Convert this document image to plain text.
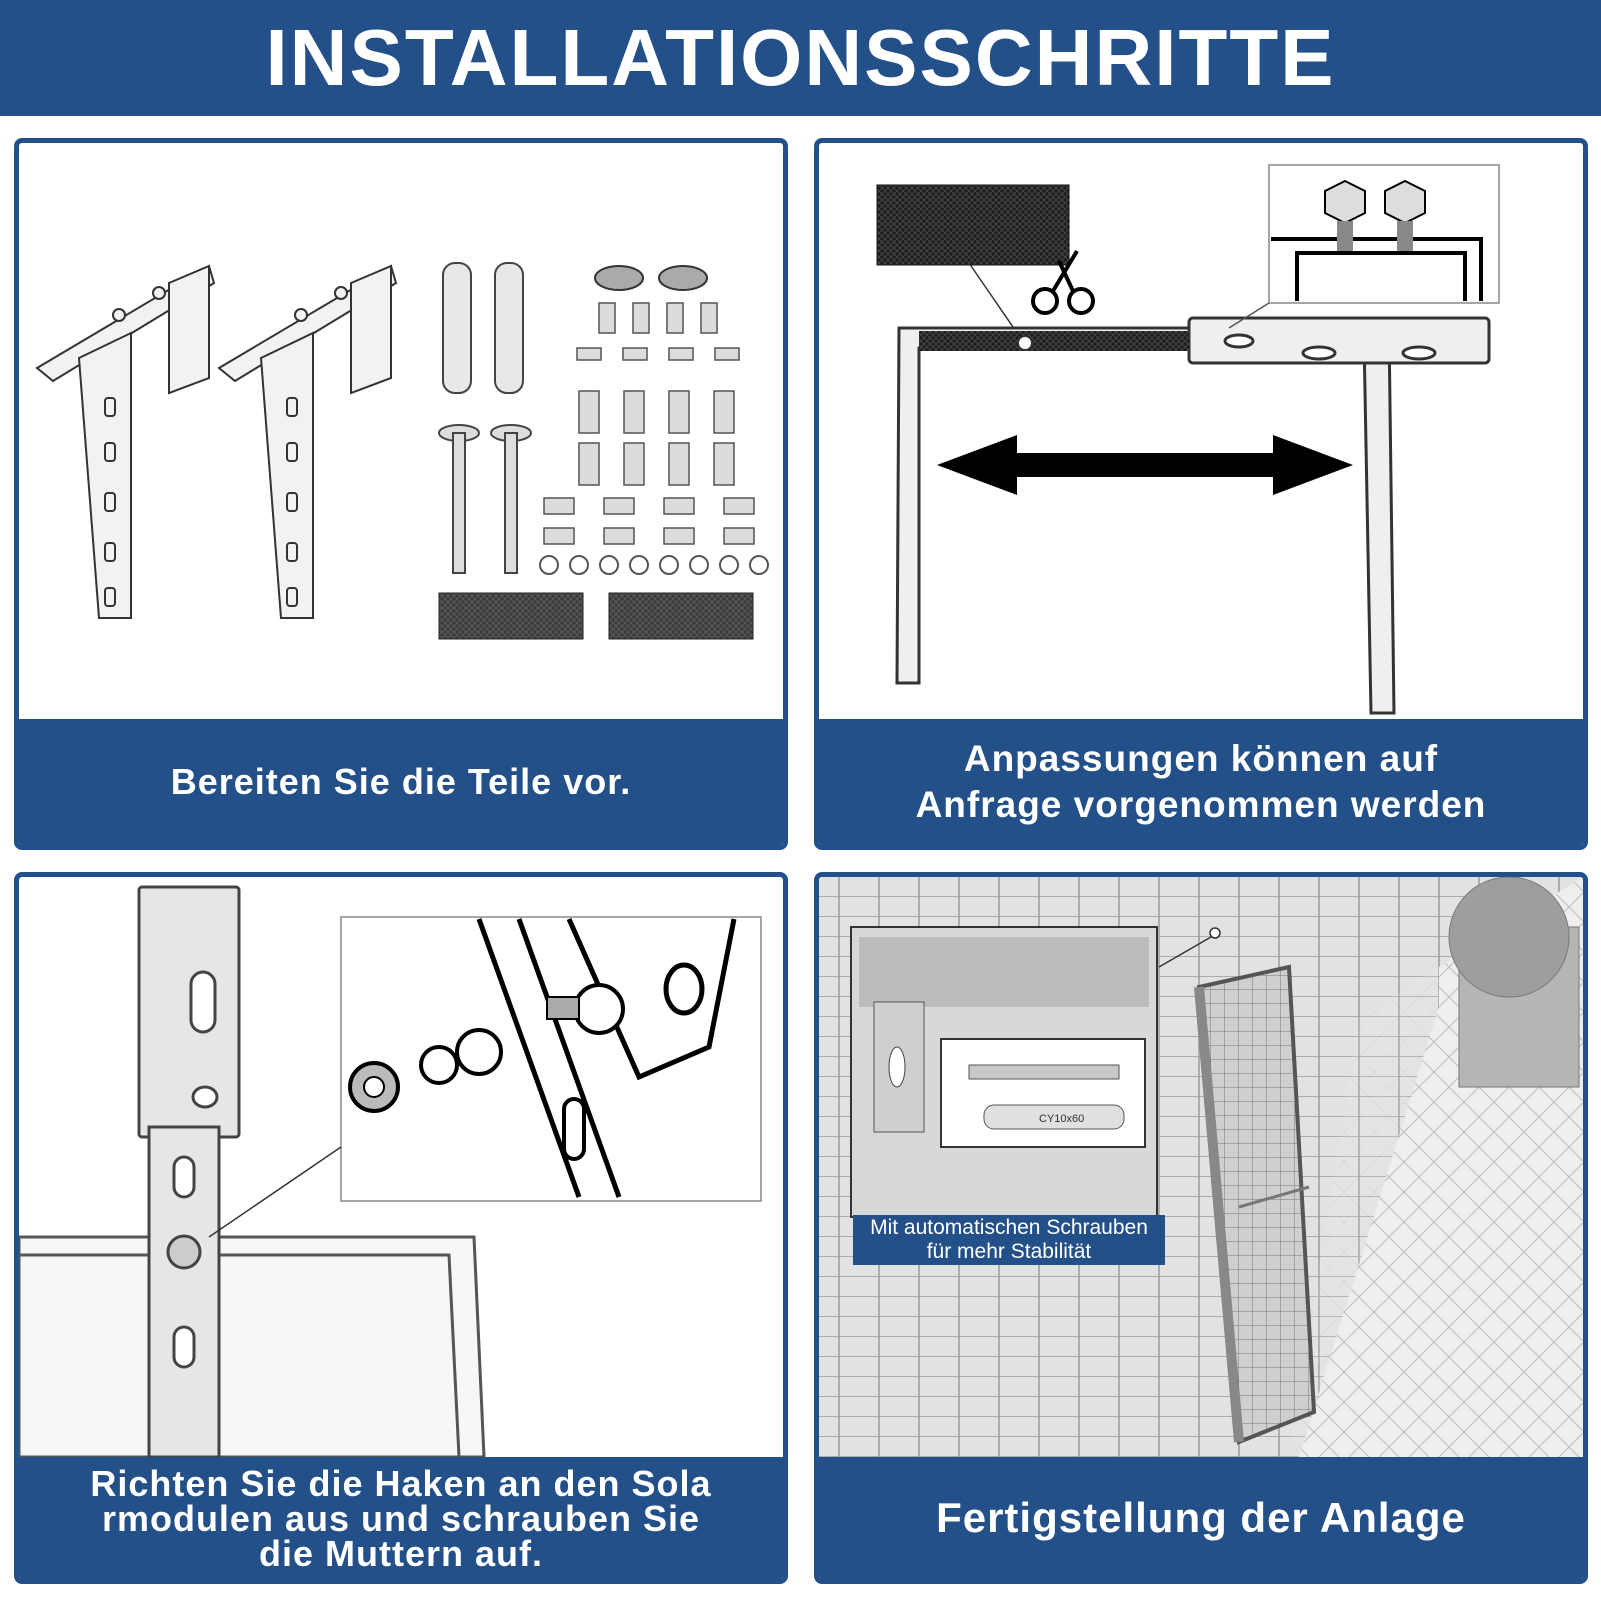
INSTALLATIONSSCHRITTE
Bereiten Sie die Teile vor.
Anpassungen können auf
Anfrage vorgenommen werden
Richten Sie die Haken an den Sola
rmodulen aus und schrauben Sie
die Muttern auf.
CY10x60
Mit automatischen Schrauben
für mehr Stabilität
Fertigstellung der Anlage
